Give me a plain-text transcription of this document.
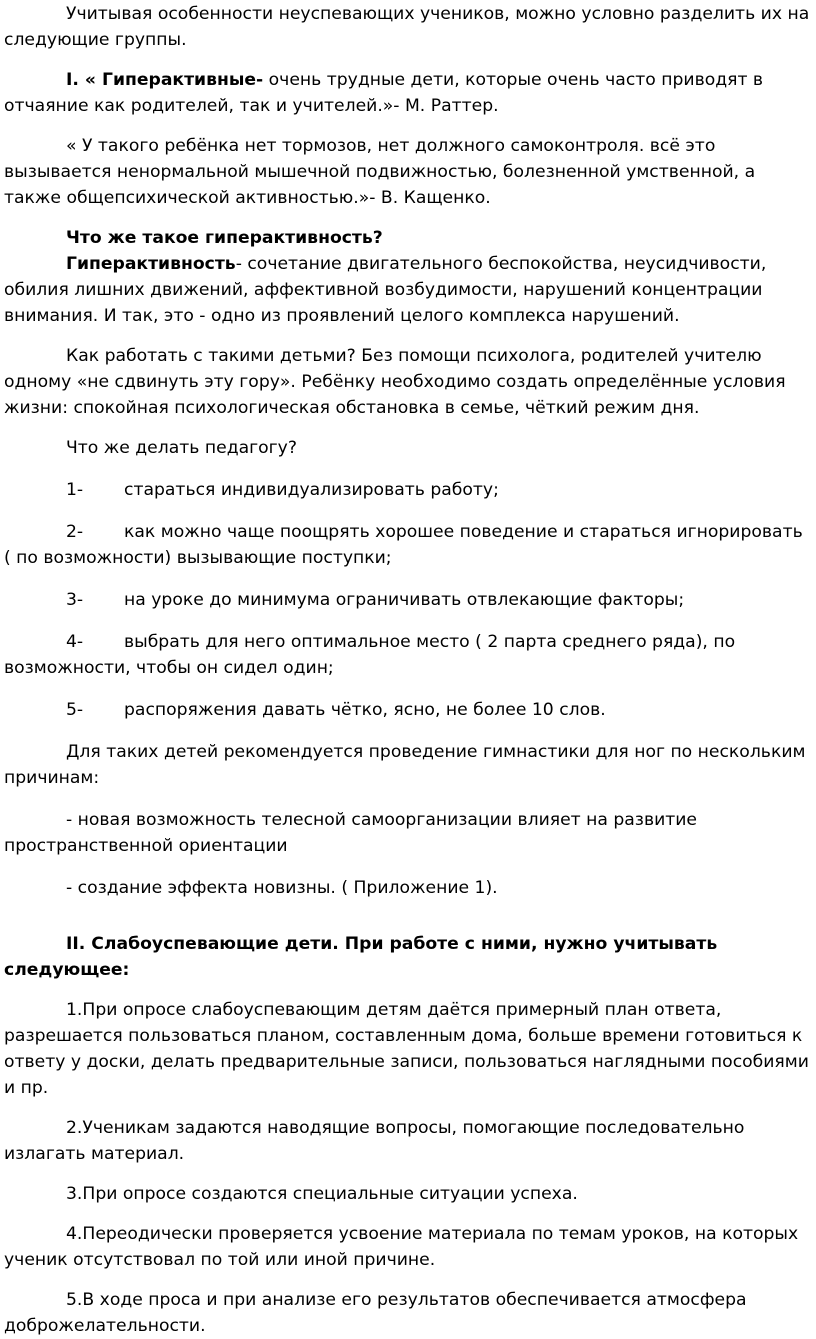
Учитывая особенности неуспевающих учеников, можно условно разделить их на следующие группы.

I. « Гиперактивные- очень трудные дети, которые очень часто приводят в отчаяние как родителей, так и учителей.»- М. Раттер.

« У такого ребёнка нет тормозов, нет должного самоконтроля. всё это вызывается ненормальной мышечной подвижностью, болезненной умственной, а также общепсихической активностью.»- В. Кащенко.

Что же такое гиперактивность?

Гиперактивность- сочетание двигательного беспокойства, неусидчивости, обилия лишних движений, аффективной возбудимости, нарушений концентрации внимания. И так, это - одно из проявлений целого комплекса нарушений.

Как работать с такими детьми? Без помощи психолога, родителей учителю одному «не сдвинуть эту гору». Ребёнку необходимо создать определённые условия жизни: спокойная психологическая обстановка в семье, чёткий режим дня.

Что же делать педагогу?

1- стараться индивидуализировать работу;

2- как можно чаще поощрять хорошее поведение и стараться игнорировать ( по возможности) вызывающие поступки;

3- на уроке до минимума ограничивать отвлекающие факторы;

4- выбрать для него оптимальное место ( 2 парта среднего ряда), по возможности, чтобы он сидел один;

5- распоряжения давать чётко, ясно, не более 10 слов.

Для таких детей рекомендуется проведение гимнастики для ног по нескольким причинам:

- новая возможность телесной самоорганизации влияет на развитие пространственной ориентации

- создание эффекта новизны. ( Приложение 1).

II. Слабоуспевающие дети. При работе с ними, нужно учитывать следующее:

1.При опросе слабоуспевающим детям даётся примерный план ответа, разрешается пользоваться планом, составленным дома, больше времени готовиться к ответу у доски, делать предварительные записи, пользоваться наглядными пособиями и пр.

2.Ученикам задаются наводящие вопросы, помогающие последовательно излагать материал.

3.При опросе создаются специальные ситуации успеха.

4.Переодически проверяется усвоение материала по темам уроков, на которых ученик отсутствовал по той или иной причине.

5.В ходе проса и при анализе его результатов обеспечивается атмосфера доброжелательности.
